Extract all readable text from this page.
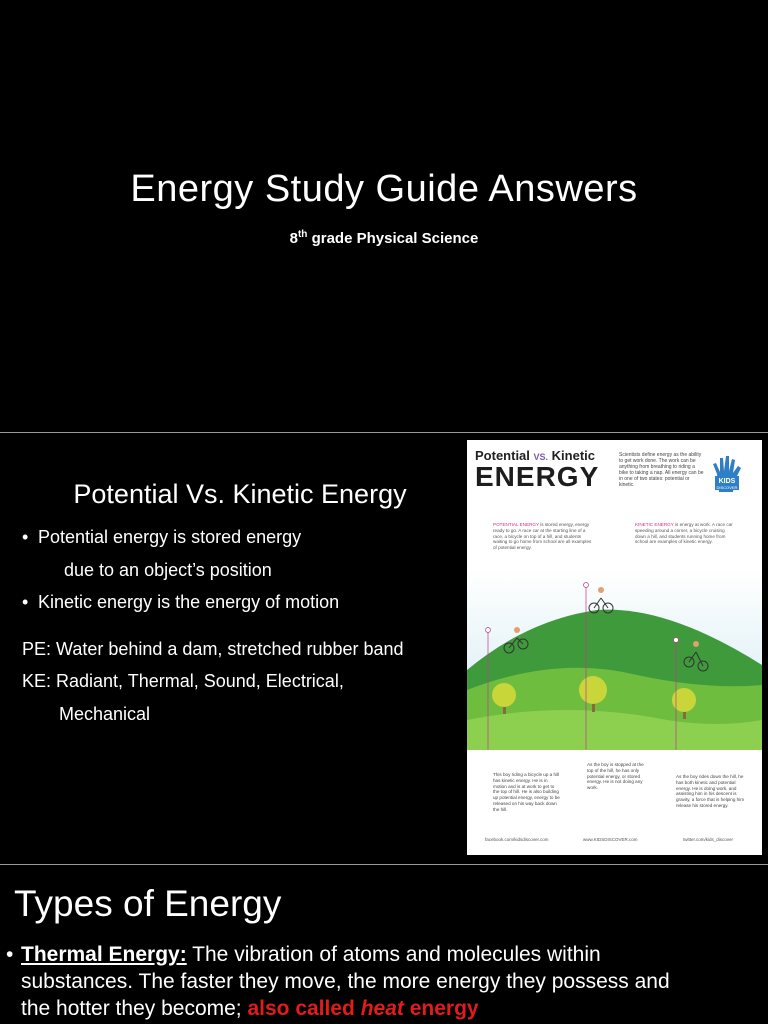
Energy Study Guide Answers
8th grade Physical Science
Potential Vs. Kinetic Energy
• Potential energy is stored energy
due to an object’s position
• Kinetic energy is the energy of motion
PE: Water behind a dam, stretched rubber band
KE: Radiant, Thermal, Sound, Electrical,
Mechanical
Potential VS. Kinetic
ENERGY
Scientists define energy as the ability to get work done. The work can be anything from breathing to riding a bike to taking a nap. All energy can be in one of two states: potential or kinetic.	KIDS
DISCOVER
POTENTIAL ENERGY is stored energy, energy ready to go. A race car at the starting line of a race, a bicycle on top of a hill, and students waiting to go home from school are all examples of potential energy.
KINETIC ENERGY is energy at work. A race car speeding around a corner, a bicycle cruising down a hill, and students running home from school are examples of kinetic energy.
This boy riding a bicycle up a hill has kinetic energy. He is in motion and is at work to get to the top of hill. He is also building up potential energy, energy to be released on his way back down the hill.
As the boy is stopped at the top of the hill, he has only potential energy, or stored energy. He is not doing any work.
As the boy rides down the hill, he has both kinetic and potential energy. He is doing work, and assisting him in his descent is gravity, a force that is helping him release his stored energy.
facebook.com/kidsdiscover.com	www.KIDSDISCOVER.com	twitter.com/kids_discover
Types of Energy
• Thermal Energy: The vibration of atoms and molecules within
substances. The faster they move, the more energy they possess and
the hotter they become; also called heat energy
